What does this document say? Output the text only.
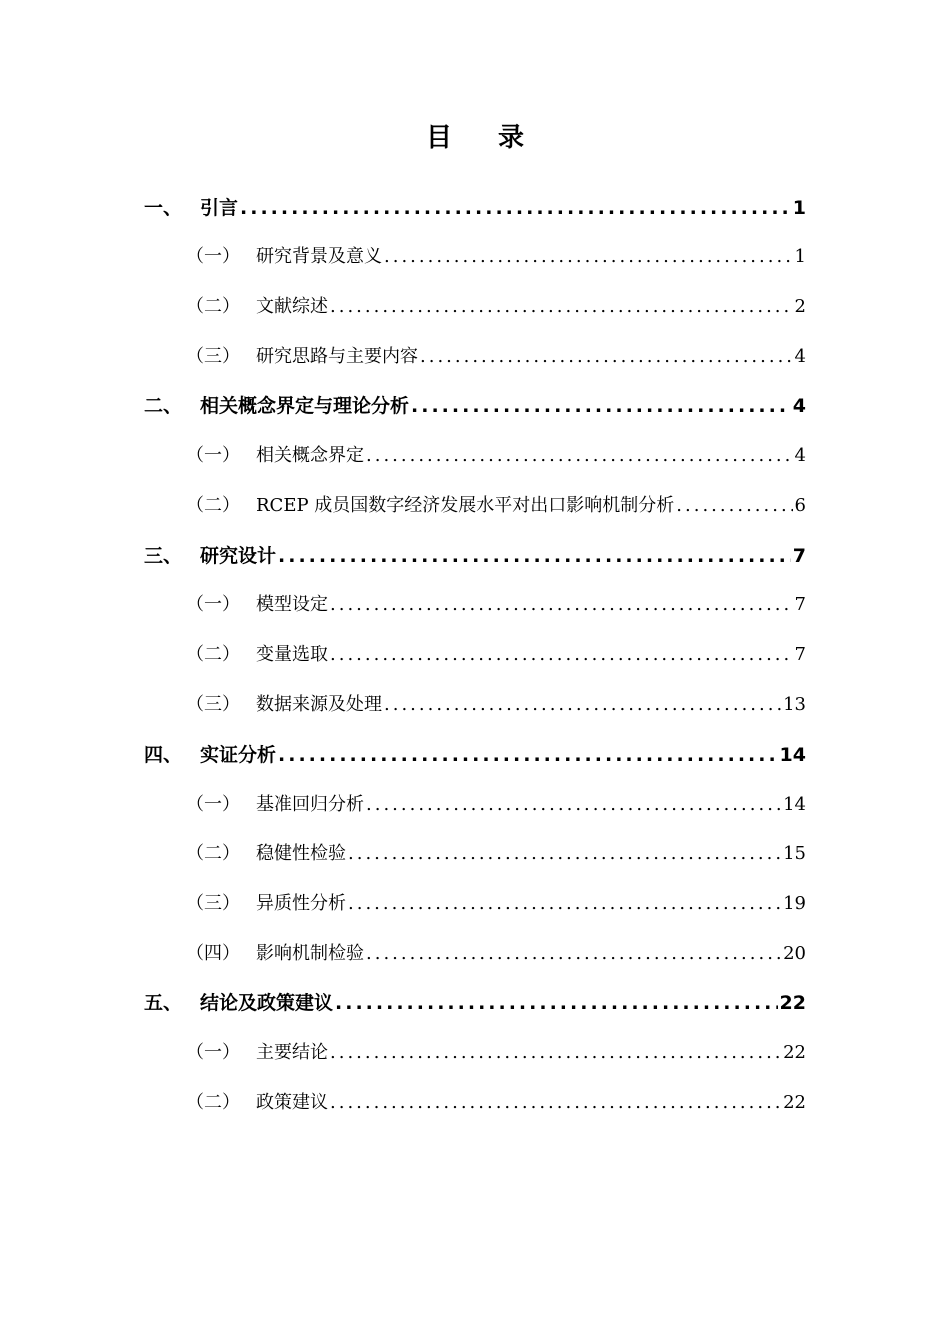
目 录
一、 引言 .....	1
（一） 研究背景及意义 .....	1
（二） 文献综述 .....	2
（三） 研究思路与主要内容 .....	4
二、 相关概念界定与理论分析 .....	4
（一） 相关概念界定 .....	4
（二） RCEP 成员国数字经济发展水平对出口影响机制分析 .....	6
三、 研究设计 .....	7
（一） 模型设定 .....	7
（二） 变量选取 .....	7
（三） 数据来源及处理 .....	13
四、 实证分析 .....	14
（一） 基准回归分析 .....	14
（二） 稳健性检验 .....	15
（三） 异质性分析 .....	19
（四） 影响机制检验 .....	20
五、 结论及政策建议 .....	22
（一） 主要结论 .....	22
（二） 政策建议 .....	22
